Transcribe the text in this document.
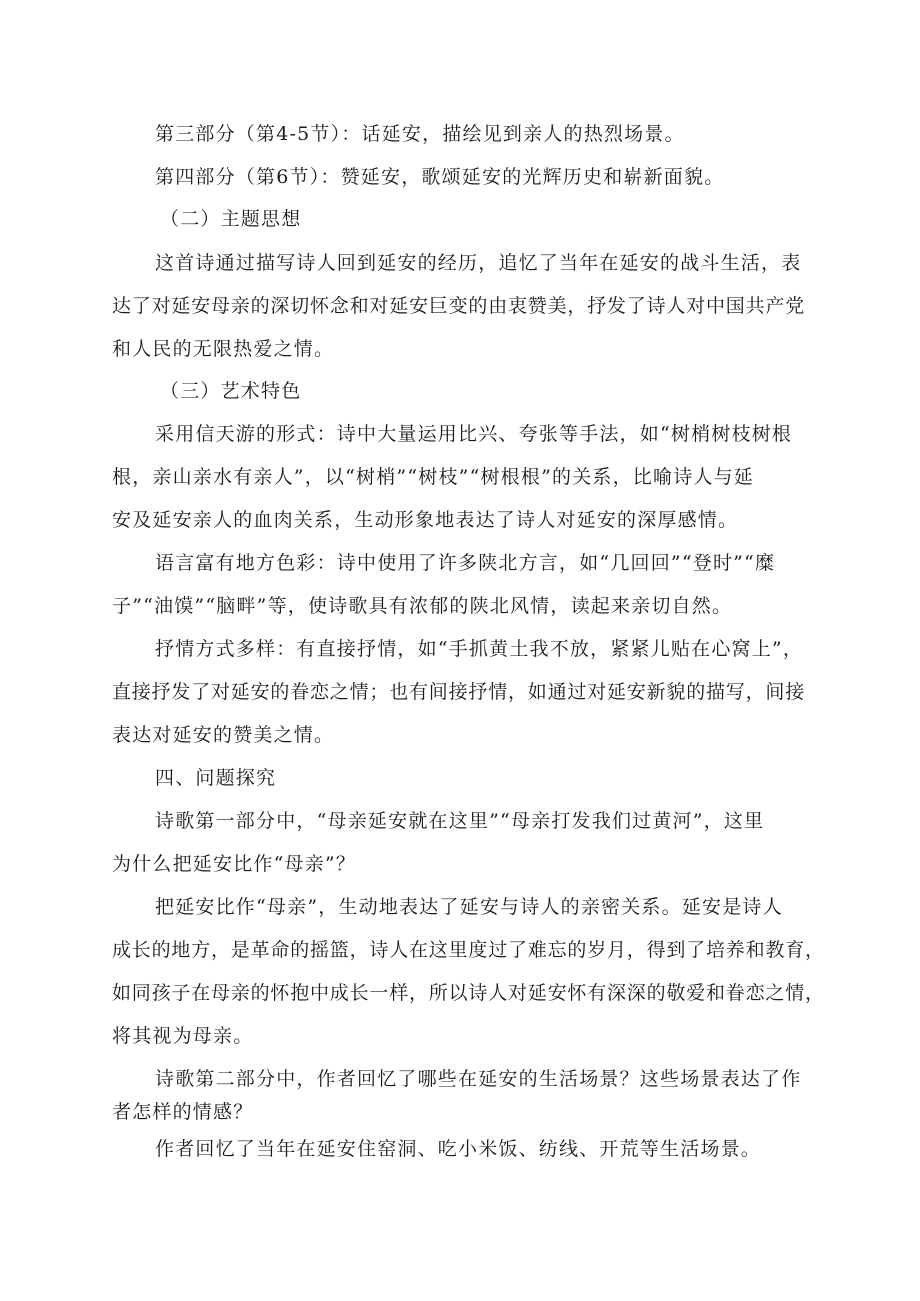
第三部分（第4-5节）：话延安，描绘见到亲人的热烈场景。
第四部分（第6节）：赞延安，歌颂延安的光辉历史和崭新面貌。
（二）主题思想
这首诗通过描写诗人回到延安的经历，追忆了当年在延安的战斗生活，表
达了对延安母亲的深切怀念和对延安巨变的由衷赞美，抒发了诗人对中国共产党
和人民的无限热爱之情。
（三）艺术特色
采用信天游的形式：诗中大量运用比兴、夸张等手法，如“树梢树枝树根
根，亲山亲水有亲人”，以“树梢”“树枝”“树根根”的关系，比喻诗人与延
安及延安亲人的血肉关系，生动形象地表达了诗人对延安的深厚感情。
语言富有地方色彩：诗中使用了许多陕北方言，如“几回回”“登时”“糜
子”“油馍”“脑畔”等，使诗歌具有浓郁的陕北风情，读起来亲切自然。
抒情方式多样：有直接抒情，如“手抓黄土我不放，紧紧儿贴在心窝上”，
直接抒发了对延安的眷恋之情；也有间接抒情，如通过对延安新貌的描写，间接
表达对延安的赞美之情。
四、问题探究
诗歌第一部分中，“母亲延安就在这里”“母亲打发我们过黄河”，这里
为什么把延安比作“母亲”？
把延安比作“母亲”，生动地表达了延安与诗人的亲密关系。延安是诗人
成长的地方，是革命的摇篮，诗人在这里度过了难忘的岁月，得到了培养和教育，
如同孩子在母亲的怀抱中成长一样，所以诗人对延安怀有深深的敬爱和眷恋之情，
将其视为母亲。
诗歌第二部分中，作者回忆了哪些在延安的生活场景？这些场景表达了作
者怎样的情感？
作者回忆了当年在延安住窑洞、吃小米饭、纺线、开荒等生活场景。
